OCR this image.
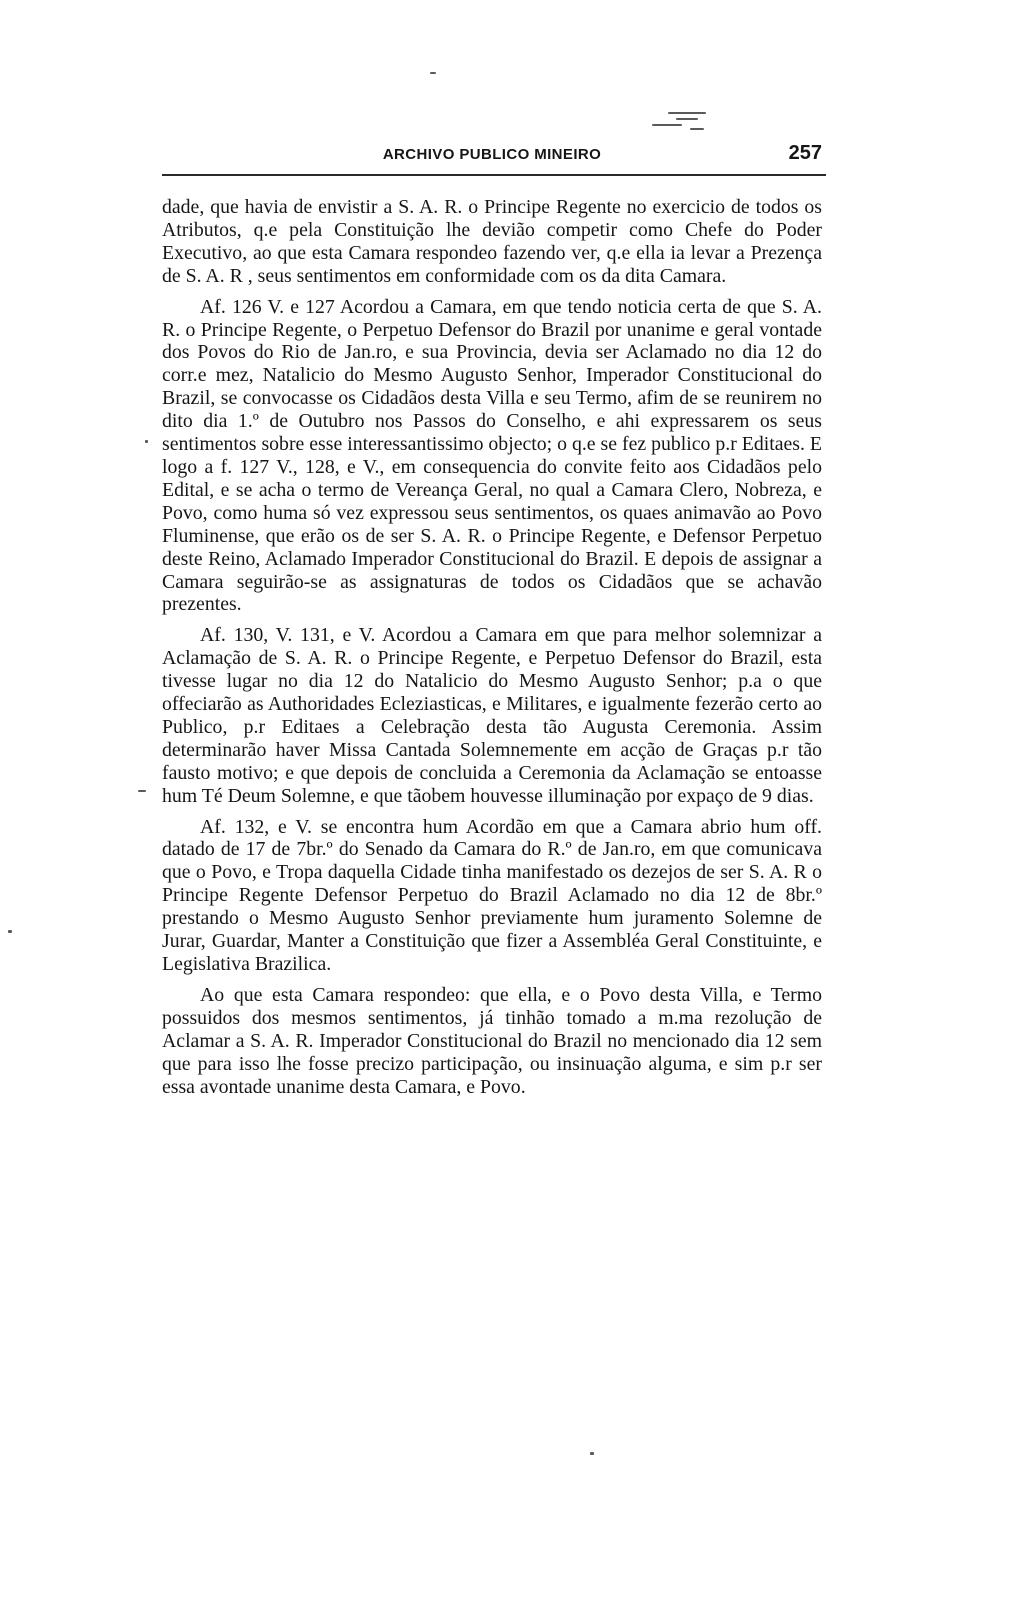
ARCHIVO PUBLICO MINEIRO	257

dade, que havia de envistir a S. A. R. o Principe Regente no exercicio de todos os Atributos, q.e pela Constituição lhe devião competir como Chefe do Poder Executivo, ao que esta Camara respondeo fazendo ver, q.e ella ia levar a Prezença de S. A. R , seus sentimentos em conformidade com os da dita Camara.

Af. 126 V. e 127 Acordou a Camara, em que tendo noticia certa de que S. A. R. o Principe Regente, o Perpetuo Defensor do Brazil por unanime e geral vontade dos Povos do Rio de Jan.ro, e sua Provincia, devia ser Aclamado no dia 12 do corr.e mez, Natalicio do Mesmo Augusto Senhor, Imperador Constitucional do Brazil, se convocasse os Cidadãos desta Villa e seu Termo, afim de se reunirem no dito dia 1.º de Outubro nos Passos do Conselho, e ahi expressarem os seus sentimentos sobre esse interessantissimo objecto; o q.e se fez publico p.r Editaes. E logo a f. 127 V., 128, e V., em consequencia do convite feito aos Cidadãos pelo Edital, e se acha o termo de Vereança Geral, no qual a Camara Clero, Nobreza, e Povo, como huma só vez expressou seus sentimentos, os quaes animavão ao Povo Fluminense, que erão os de ser S. A. R. o Principe Regente, e Defensor Perpetuo deste Reino, Aclamado Imperador Constitucional do Brazil. E depois de assignar a Camara seguirão-se as assignaturas de todos os Cidadãos que se achavão prezentes.

Af. 130, V. 131, e V. Acordou a Camara em que para melhor solemnizar a Aclamação de S. A. R. o Principe Regente, e Perpetuo Defensor do Brazil, esta tivesse lugar no dia 12 do Natalicio do Mesmo Augusto Senhor; p.a o que offeciarão as Authoridades Ecleziasticas, e Militares, e igualmente fezerão certo ao Publico, p.r Editaes a Celebração desta tão Augusta Ceremonia. Assim determinarão haver Missa Cantada Solemnemente em acção de Graças p.r tão fausto motivo; e que depois de concluida a Ceremonia da Aclamação se entoasse hum Té Deum Solemne, e que tãobem houvesse illuminação por expaço de 9 dias.

Af. 132, e V. se encontra hum Acordão em que a Camara abrio hum off. datado de 17 de 7br.º do Senado da Camara do R.º de Jan.ro, em que comunicava que o Povo, e Tropa daquella Cidade tinha manifestado os dezejos de ser S. A. R o Principe Regente Defensor Perpetuo do Brazil Aclamado no dia 12 de 8br.º prestando o Mesmo Augusto Senhor previamente hum juramento Solemne de Jurar, Guardar, Manter a Constituição que fizer a Assembléa Geral Constituinte, e Legislativa Brazilica.

Ao que esta Camara respondeo: que ella, e o Povo desta Villa, e Termo possuidos dos mesmos sentimentos, já tinhão tomado a m.ma rezolução de Aclamar a S. A. R. Imperador Constitucional do Brazil no mencionado dia 12 sem que para isso lhe fosse precizo participação, ou insinuação alguma, e sim p.r ser essa avontade unanime desta Camara, e Povo.
